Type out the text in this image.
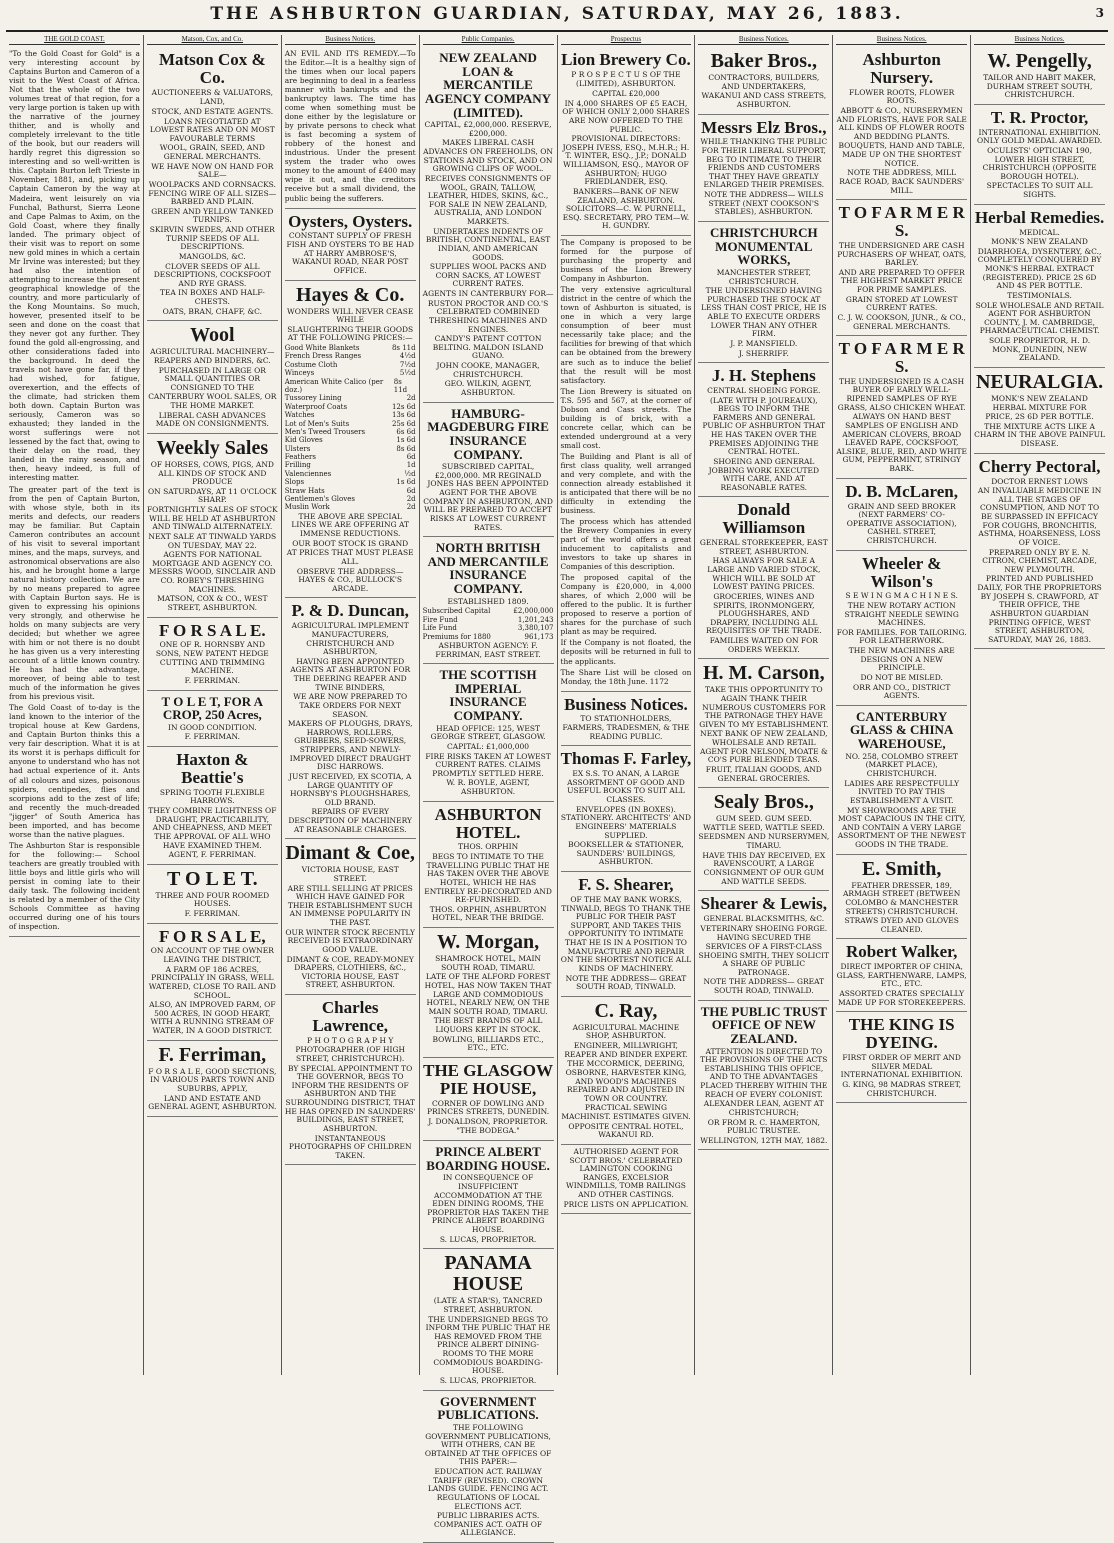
THE ASHBURTON GUARDIAN, SATURDAY, MAY 26, 1883.	3
THE GOLD COAST.

"To the Gold Coast for Gold" is a very interesting account by Captains Burton and Cameron of a visit to the West Coast of Africa. Not that the whole of the two volumes treat of that region, for a very large portion is taken up with the narrative of the journey thither, and is wholly and completely irrelevant to the title of the book, but our readers will hardly regret this digression so interesting and so well-written is this. Captain Burton left Trieste in November, 1881, and, picking up Captain Cameron by the way at Madeira, went leisurely on via Funchal, Bathurst, Sierra Leone and Cape Palmas to Axim, on the Gold Coast, where they finally landed. The primary object of their visit was to report on some new gold mines in which a certain Mr Irvine was interested; but they had also the intention of attempting to increase the present geographical knowledge of the country, and more particularly of the Kong Mountains. So much, however, presented itself to be seen and done on the coast that they never got any further. They found the gold all-engrossing, and other considerations faded into the background. In deed the travels not have gone far, if they had wished, for fatigue, overexertion, and the effects of the climate, had stricken them both down. Captain Burton was seriously, Cameron was so exhausted; they landed in the worst sufferings were not lessened by the fact that, owing to their delay on the road, they landed in the rainy season, and then, heavy indeed, is full of interesting matter.

The greater part of the text is from the pen of Captain Burton, with whose style, both in its merits and defects, our readers may be familiar. But Captain Cameron contributes an account of his visit to several important mines, and the maps, surveys, and astronomical observations are also his, and he brought home a large natural history collection. We are by no means prepared to agree with Captain Burton says. He is given to expressing his opinions very strongly, and otherwise he holds on many subjects are very decided; but whether we agree with him or not there is no doubt he has given us a very interesting account of a little known country. He has had the advantage, moreover, of being able to test much of the information he gives from his previous visit.

The Gold Coast of to-day is the land known to the interior of the tropical house at Kew Gardens, and Captain Burton thinks this a very fair description. What it is at its worst it is perhaps difficult for anyone to understand who has not had actual experience of it. Ants of all colours and sizes, poisonous spiders, centipedes, flies and scorpions add to the zest of life; and recently the much-dreaded "jigger" of South America has been imported, and has become worse than the native plagues.

The Ashburton Star is responsible for the following:— School teachers are greatly troubled with little boys and little girls who will persist in coming late to their daily task. The following incident is related by a member of the City Schools Committee as having occurred during one of his tours of inspection.

Matson, Cox, and Co.
Matson Cox & Co.
AUCTIONEERS & VALUATORS,
LAND,
STOCK, AND ESTATE AGENTS.
LOANS NEGOTIATED AT LOWEST RATES AND ON MOST FAVOURABLE TERMS
WOOL, GRAIN, SEED, AND GENERAL MERCHANTS.
WE HAVE NOW ON HAND FOR SALE—
WOOLPACKS AND CORNSACKS. FENCING WIRE OF ALL SIZES—BARBED AND PLAIN.
GREEN AND YELLOW TANKED TURNIPS.
SKIRVIN SWEDES, AND OTHER TURNIP SEEDS OF ALL DESCRIPTIONS.
MANGOLDS, &C.
CLOVER SEEDS OF ALL DESCRIPTIONS, COCKSFOOT AND RYE GRASS.
TEA IN BOXES AND HALF-CHESTS.
OATS, BRAN, CHAFF, &C.
Wool
AGRICULTURAL MACHINERY— REAPERS AND BINDERS, &C.
PURCHASED IN LARGE OR SMALL QUANTITIES OR CONSIGNED TO THE
CANTERBURY WOOL SALES, OR THE HOME MARKET.
LIBERAL CASH ADVANCES MADE ON CONSIGNMENTS.
Weekly Sales
OF HORSES, COWS, PIGS, AND ALL KINDS OF STOCK AND PRODUCE
ON SATURDAYS, AT 11 O'CLOCK SHARP.
FORTNIGHTLY SALES OF STOCK WILL BE HELD AT ASHBURTON AND TINWALD ALTERNATELY.
NEXT SALE AT TINWALD YARDS ON TUESDAY, MAY 22.
AGENTS FOR NATIONAL MORTGAGE AND AGENCY CO. MESSRS WOOD, SINCLAIR AND CO. ROBEY'S THRESHING MACHINES.
MATSON, COX & CO., WEST STREET, ASHBURTON.
F O R S A L E.
ONE OF R. HORNSBY AND SONS, NEW PATENT HEDGE CUTTING AND TRIMMING MACHINE.
F. FERRIMAN.
T O L E T, FOR A CROP, 250 Acres,
IN GOOD CONDITION.
F. FERRIMAN.
Haxton & Beattie's
SPRING TOOTH FLEXIBLE HARROWS.
THEY COMBINE LIGHTNESS OF DRAUGHT, PRACTICABILITY, AND CHEAPNESS, AND MEET THE APPROVAL OF ALL WHO HAVE EXAMINED THEM.
AGENT, F. FERRIMAN.
T O L E T.
THREE AND FOUR ROOMED HOUSES.
F. FERRIMAN.
F O R S A L E,
ON ACCOUNT OF THE OWNER LEAVING THE DISTRICT,
A FARM OF 186 ACRES, PRINCIPALLY IN GRASS, WELL WATERED, CLOSE TO RAIL AND SCHOOL.
ALSO, AN IMPROVED FARM, OF 500 ACRES, IN GOOD HEART, WITH A RUNNING STREAM OF WATER, IN A GOOD DISTRICT.
F. Ferriman,
F O R S A L E, GOOD SECTIONS, IN VARIOUS PARTS TOWN AND SUBURBS, APPLY,
LAND AND ESTATE AND GENERAL AGENT, ASHBURTON.
Business Notices.

AN EVIL AND ITS REMEDY.—To the Editor.—It is a healthy sign of the times when our local papers are beginning to deal in a fearless manner with bankrupts and the bankruptcy laws. The time has come when something must be done either by the legislature or by private persons to check what is fast becoming a system of robbery of the honest and industrious. Under the present system the trader who owes money to the amount of £400 may wipe it out, and the creditors receive but a small dividend, the public being the sufferers.

Oysters, Oysters.
CONSTANT SUPPLY OF FRESH FISH AND OYSTERS TO BE HAD AT HARRY AMBROSE'S, WAKANUI ROAD, NEAR POST OFFICE.
Hayes & Co.
WONDERS WILL NEVER CEASE WHILE
SLAUGHTERING THEIR GOODS AT THE FOLLOWING PRICES:—
Good White Blankets	8s 11d
French Dress Ranges	4½d
Costume Cloth	7½d
Winceys	5½d
American White Calico (per doz.)
8s 11d
Tussorey Lining	2d
Waterproof Coats	12s 6d
Watches	13s 6d
Lot of Men's Suits	25s 6d
Men's Tweed Trousers	6s 6d
Kid Gloves	1s 6d
Ulsters	8s 6d
Feathers	6d
Frilling	1d
Valenciennes	½d
Slops	1s 6d
Straw Hats	6d
Gentlemen's Gloves	2d
Muslin Work	2d
THE ABOVE ARE SPECIAL LINES WE ARE OFFERING AT IMMENSE REDUCTIONS.
OUR BOOT STOCK IS GRAND
AT PRICES THAT MUST PLEASE ALL.
OBSERVE THE ADDRESS— HAYES & CO., BULLOCK'S ARCADE.
P. & D. Duncan,
AGRICULTURAL IMPLEMENT MANUFACTURERS, CHRISTCHURCH AND ASHBURTON,
HAVING BEEN APPOINTED AGENTS AT ASHBURTON FOR THE DEERING REAPER AND TWINE BINDERS,
WE ARE NOW PREPARED TO TAKE ORDERS FOR NEXT SEASON.
MAKERS OF PLOUGHS, DRAYS, HARROWS, ROLLERS, GRUBBERS, SEED-SOWERS, STRIPPERS, AND NEWLY-IMPROVED DIRECT DRAUGHT DISC HARROWS.
JUST RECEIVED, EX SCOTIA, A LARGE QUANTITY OF HORNSBY'S PLOUGHSHARES, OLD BRAND.
REPAIRS OF EVERY DESCRIPTION OF MACHINERY AT REASONABLE CHARGES.
Dimant & Coe,
VICTORIA HOUSE, EAST STREET.
ARE STILL SELLING AT PRICES WHICH HAVE GAINED FOR THEIR ESTABLISHMENT SUCH AN IMMENSE POPULARITY IN THE PAST.
OUR WINTER STOCK RECENTLY RECEIVED IS EXTRAORDINARY GOOD VALUE.
DIMANT & COE, READY-MONEY DRAPERS, CLOTHIERS, &C., VICTORIA HOUSE, EAST STREET, ASHBURTON.
Charles Lawrence,
P H O T O G R A P H Y
PHOTOGRAPHER (OF HIGH STREET, CHRISTCHURCH).
BY SPECIAL APPOINTMENT TO THE GOVERNOR, BEGS TO INFORM THE RESIDENTS OF ASHBURTON AND THE SURROUNDING DISTRICT, THAT HE HAS OPENED IN SAUNDERS' BUILDINGS, EAST STREET, ASHBURTON.
INSTANTANEOUS PHOTOGRAPHS OF CHILDREN TAKEN.
Public Companies.
NEW ZEALAND LOAN & MERCANTILE AGENCY COMPANY (LIMITED).
CAPITAL, £2,000,000. RESERVE, £200,000.
MAKES LIBERAL CASH ADVANCES ON FREEHOLDS, ON STATIONS AND STOCK, AND ON GROWING CLIPS OF WOOL.
RECEIVES CONSIGNMENTS OF WOOL, GRAIN, TALLOW, LEATHER, HIDES, SKINS, &C., FOR SALE IN NEW ZEALAND, AUSTRALIA, AND LONDON MARKETS.
UNDERTAKES INDENTS OF BRITISH, CONTINENTAL, EAST INDIAN, AND AMERICAN GOODS.
SUPPLIES WOOL PACKS AND CORN SACKS, AT LOWEST CURRENT RATES.
AGENTS IN CANTERBURY FOR—
RUSTON PROCTOR AND CO.'S CELEBRATED COMBINED THRESHING MACHINES AND ENGINES.
CANDY'S PATENT COTTON BELTING. MALDON ISLAND GUANO.
JOHN COOKE, MANAGER, CHRISTCHURCH.
GEO. WILKIN, AGENT, ASHBURTON.
HAMBURG-MAGDEBURG FIRE INSURANCE COMPANY.
SUBSCRIBED CAPITAL, £2,000,000. MR REGINALD JONES HAS BEEN APPOINTED AGENT FOR THE ABOVE COMPANY IN ASHBURTON, AND WILL BE PREPARED TO ACCEPT RISKS AT LOWEST CURRENT RATES.
NORTH BRITISH AND MERCANTILE INSURANCE COMPANY.
ESTABLISHED 1809.
Subscribed Capital	£2,000,000
Fire Fund	1,201,243
Life Fund	3,380,107
Premiums for 1880	961,173
ASHBURTON AGENCY: F. FERRIMAN, EAST STREET.
THE SCOTTISH IMPERIAL INSURANCE COMPANY.
HEAD OFFICE: 125, WEST GEORGE STREET, GLASGOW.
CAPITAL: £1,000,000
FIRE RISKS TAKEN AT LOWEST CURRENT RATES. CLAIMS PROMPTLY SETTLED HERE.
W. R. BOYLE, AGENT, ASHBURTON.
ASHBURTON HOTEL.
THOS. ORPHIN
BEGS TO INTIMATE TO THE TRAVELLING PUBLIC THAT HE HAS TAKEN OVER THE ABOVE HOTEL, WHICH HE HAS ENTIRELY RE-DECORATED AND RE-FURNISHED.
THOS. ORPHIN, ASHBURTON HOTEL, NEAR THE BRIDGE.
W. Morgan,
SHAMROCK HOTEL, MAIN SOUTH ROAD, TIMARU.
LATE OF THE ALFORD FOREST HOTEL, HAS NOW TAKEN THAT LARGE AND COMMODIOUS HOTEL, NEARLY NEW, ON THE MAIN SOUTH ROAD, TIMARU.
THE BEST BRANDS OF ALL LIQUORS KEPT IN STOCK.
BOWLING, BILLIARDS ETC., ETC., ETC.
THE GLASGOW PIE HOUSE,
CORNER OF DOWLING AND PRINCES STREETS, DUNEDIN.
J. DONALDSON, PROPRIETOR.
"THE BODEGA."
PRINCE ALBERT BOARDING HOUSE.
IN CONSEQUENCE OF INSUFFICIENT ACCOMMODATION AT THE EDEN DINING ROOMS, THE PROPRIETOR HAS TAKEN THE PRINCE ALBERT BOARDING HOUSE.
S. LUCAS, PROPRIETOR.
PANAMA HOUSE
(LATE A STAR'S), TANCRED STREET, ASHBURTON.
THE UNDERSIGNED BEGS TO INFORM THE PUBLIC THAT HE HAS REMOVED FROM THE PRINCE ALBERT DINING-ROOMS TO THE MORE COMMODIOUS BOARDING-HOUSE.
S. LUCAS, PROPRIETOR.
GOVERNMENT PUBLICATIONS.
THE FOLLOWING GOVERNMENT PUBLICATIONS, WITH OTHERS, CAN BE OBTAINED AT THE OFFICES OF THIS PAPER:—
EDUCATION ACT. RAILWAY TARIFF (REVISED). CROWN LANDS GUIDE. FENCING ACT. REGULATIONS OF LOCAL ELECTIONS ACT.
PUBLIC LIBRARIES ACTS. COMPANIES ACT. OATH OF ALLEGIANCE.
Prospectus
Lion Brewery Co.
P R O S P E C T U S OF THE
(LIMITED), ASHBURTON.
CAPITAL £20,000
IN 4,000 SHARES OF £5 EACH, OF WHICH ONLY 2,000 SHARES ARE NOW OFFERED TO THE PUBLIC.
PROVISIONAL DIRECTORS: JOSEPH IVESS, ESQ., M.H.R.; H. T. WINTER, ESQ., J.P.; DONALD WILLIAMSON, ESQ., MAYOR OF ASHBURTON; HUGO FRIEDLANDER, ESQ.
BANKERS—BANK OF NEW ZEALAND, ASHBURTON. SOLICITORS—C. W. PURNELL, ESQ. SECRETARY, PRO TEM—W. H. GUNDRY.

The Company is proposed to be formed for the purpose of purchasing the property and business of the Lion Brewery Company in Ashburton.

The very extensive agricultural district in the centre of which the town of Ashburton is situated, is one in which a very large consumption of beer must necessarily take place; and the facilities for brewing of that which can be obtained from the brewery are such as to induce the belief that the result will be most satisfactory.

The Lion Brewery is situated on T.S. 595 and 567, at the corner of Dobson and Cass streets. The building is of brick, with a concrete cellar, which can be extended underground at a very small cost.

The Building and Plant is all of first class quality, well arranged and very complete, and with the connection already established it is anticipated that there will be no difficulty in extending the business.

The process which has attended the Brewery Companies in every part of the world offers a great inducement to capitalists and investors to take up shares in Companies of this description.

The proposed capital of the Company is £20,000, in 4,000 shares, of which 2,000 will be offered to the public. It is further proposed to reserve a portion of shares for the purchase of such plant as may be required.

If the Company is not floated, the deposits will be returned in full to the applicants.

The Share List will be closed on Monday, the 18th June. 1172

Business Notices.
TO STATIONHOLDERS, FARMERS, TRADESMEN, & THE READING PUBLIC.
Thomas F. Farley,
EX S.S. TO ANAN, A LARGE ASSORTMENT OF GOOD AND USEFUL BOOKS TO SUIT ALL CLASSES.
ENVELOPES (IN BOXES). STATIONERY. ARCHITECTS' AND ENGINEERS' MATERIALS SUPPLIED.
BOOKSELLER & STATIONER, SAUNDERS' BUILDINGS, ASHBURTON.
F. S. Shearer,
OF THE MAY BANK WORKS, TINWALD, BEGS TO THANK THE PUBLIC FOR THEIR PAST SUPPORT, AND TAKES THIS OPPORTUNITY TO INTIMATE THAT HE IS IN A POSITION TO MANUFACTURE AND REPAIR ON THE SHORTEST NOTICE ALL KINDS OF MACHINERY.
NOTE THE ADDRESS— GREAT SOUTH ROAD, TINWALD.
C. Ray,
AGRICULTURAL MACHINE SHOP, ASHBURTON.
ENGINEER, MILLWRIGHT, REAPER AND BINDER EXPERT.
THE MCCORMICK, DEERING, OSBORNE, HARVESTER KING, AND WOOD'S MACHINES REPAIRED AND ADJUSTED IN TOWN OR COUNTRY.
PRACTICAL SEWING MACHINIST. ESTIMATES GIVEN.
OPPOSITE CENTRAL HOTEL, WAKANUI RD.
AUTHORISED AGENT FOR SCOTT BROS.' CELEBRATED LAMINGTON COOKING RANGES, EXCELSIOR WINDMILLS, TOMB RAILINGS AND OTHER CASTINGS.
PRICE LISTS ON APPLICATION.
Business Notices.
Baker Bros.,
CONTRACTORS, BUILDERS, AND UNDERTAKERS,
WAKANUI AND CASS STREETS, ASHBURTON.
Messrs Elz Bros.,
WHILE THANKING THE PUBLIC FOR THEIR LIBERAL SUPPORT, BEG TO INTIMATE TO THEIR FRIENDS AND CUSTOMERS THAT THEY HAVE GREATLY ENLARGED THEIR PREMISES.
NOTE THE ADDRESS— WILLS STREET (NEXT COOKSON'S STABLES), ASHBURTON.
CHRISTCHURCH MONUMENTAL WORKS,
MANCHESTER STREET, CHRISTCHURCH.
THE UNDERSIGNED HAVING PURCHASED THE STOCK AT LESS THAN COST PRICE, HE IS ABLE TO EXECUTE ORDERS LOWER THAN ANY OTHER FIRM.
J. P. MANSFIELD.
J. SHERRIFF.
J. H. Stephens
CENTRAL SHOEING FORGE.
(LATE WITH P. JOUREAUX), BEGS TO INFORM THE FARMERS AND GENERAL PUBLIC OF ASHBURTON THAT HE HAS TAKEN OVER THE PREMISES ADJOINING THE CENTRAL HOTEL.
SHOEING AND GENERAL JOBBING WORK EXECUTED WITH CARE, AND AT REASONABLE RATES.
Donald Williamson
GENERAL STOREKEEPER, EAST STREET, ASHBURTON.
HAS ALWAYS FOR SALE A LARGE AND VARIED STOCK, WHICH WILL BE SOLD AT LOWEST PAYING PRICES.
GROCERIES, WINES AND SPIRITS, IRONMONGERY, PLOUGHSHARES, AND DRAPERY, INCLUDING ALL REQUISITES OF THE TRADE.
FAMILIES WAITED ON FOR ORDERS WEEKLY.
H. M. Carson,
TAKE THIS OPPORTUNITY TO AGAIN THANK THEIR NUMEROUS CUSTOMERS FOR THE PATRONAGE THEY HAVE GIVEN TO MY ESTABLISHMENT.
NEXT BANK OF NEW ZEALAND, WHOLESALE AND RETAIL AGENT FOR NELSON, MOATE & CO'S PURE BLENDED TEAS.
FRUIT, ITALIAN GOODS, AND GENERAL GROCERIES.
Sealy Bros.,
GUM SEED. GUM SEED. WATTLE SEED, WATTLE SEED.
SEEDSMEN AND NURSERYMEN, TIMARU.
HAVE THIS DAY RECEIVED, EX RAVENSCOURT, A LARGE CONSIGNMENT OF OUR GUM AND WATTLE SEEDS.
Shearer & Lewis,
GENERAL BLACKSMITHS, &C.
VETERINARY SHOEING FORGE.
HAVING SECURED THE SERVICES OF A FIRST-CLASS SHOEING SMITH, THEY SOLICIT A SHARE OF PUBLIC PATRONAGE.
NOTE THE ADDRESS— GREAT SOUTH ROAD, TINWALD.
THE PUBLIC TRUST OFFICE OF NEW ZEALAND.
ATTENTION IS DIRECTED TO THE PROVISIONS OF THE ACTS ESTABLISHING THIS OFFICE, AND TO THE ADVANTAGES PLACED THEREBY WITHIN THE REACH OF EVERY COLONIST.
ALEXANDER LEAN, AGENT AT CHRISTCHURCH;
OR FROM R. C. HAMERTON, PUBLIC TRUSTEE.
WELLINGTON, 12TH MAY, 1882.
Business Notices.
Ashburton Nursery.
FLOWER ROOTS, FLOWER ROOTS.
ABBOTT & CO., NURSERYMEN AND FLORISTS, HAVE FOR SALE ALL KINDS OF FLOWER ROOTS AND BEDDING PLANTS.
BOUQUETS, HAND AND TABLE, MADE UP ON THE SHORTEST NOTICE.
NOTE THE ADDRESS, MILL RACE ROAD, BACK SAUNDERS' MILL.
T O F A R M E R S.
THE UNDERSIGNED ARE CASH PURCHASERS OF WHEAT, OATS, BARLEY.
AND ARE PREPARED TO OFFER THE HIGHEST MARKET PRICE FOR PRIME SAMPLES.
GRAIN STORED AT LOWEST CURRENT RATES.
C. J. W. COOKSON, JUNR., & CO., GENERAL MERCHANTS.
T O F A R M E R S.
THE UNDERSIGNED IS A CASH BUYER OF EARLY WELL-RIPENED SAMPLES OF RYE GRASS, ALSO CHICKEN WHEAT.
ALWAYS ON HAND BEST SAMPLES OF ENGLISH AND AMERICAN CLOVERS, BROAD LEAVED RAPE, COCKSFOOT, ALSIKE, BLUE, RED, AND WHITE GUM, PEPPERMINT, STRINGY BARK.
D. B. McLaren,
GRAIN AND SEED BROKER (NEXT FARMERS' CO-OPERATIVE ASSOCIATION), CASHEL STREET, CHRISTCHURCH.
Wheeler & Wilson's
S E W I N G M A C H I N E S.
THE NEW ROTARY ACTION STRAIGHT NEEDLE SEWING MACHINES.
FOR FAMILIES. FOR TAILORING. FOR LEATHERWORK.
THE NEW MACHINES ARE DESIGNS ON A NEW PRINCIPLE.
DO NOT BE MISLED.
ORR AND CO., DISTRICT AGENTS.
CANTERBURY GLASS & CHINA WAREHOUSE,
NO. 258, COLOMBO STREET (MARKET PLACE), CHRISTCHURCH.
LADIES ARE RESPECTFULLY INVITED TO PAY THIS ESTABLISHMENT A VISIT.
MY SHOWROOMS ARE THE MOST CAPACIOUS IN THE CITY, AND CONTAIN A VERY LARGE ASSORTMENT OF THE NEWEST GOODS IN THE TRADE.
E. Smith,
FEATHER DRESSER, 189, ARMAGH STREET (BETWEEN COLOMBO & MANCHESTER STREETS) CHRISTCHURCH.
STRAWS DYED AND GLOVES CLEANED.
Robert Walker,
DIRECT IMPORTER OF CHINA, GLASS, EARTHENWARE, LAMPS, ETC., ETC.
ASSORTED CRATES SPECIALLY MADE UP FOR STOREKEEPERS.
THE KING IS DYEING.
FIRST ORDER OF MERIT AND SILVER MEDAL INTERNATIONAL EXHIBITION.
G. KING, 98 MADRAS STREET, CHRISTCHURCH.
Business Notices.
W. Pengelly,
TAILOR AND HABIT MAKER, DURHAM STREET SOUTH, CHRISTCHURCH.
T. R. Proctor,
INTERNATIONAL EXHIBITION. ONLY GOLD MEDAL AWARDED.
OCULISTS' OPTICIAN 190, LOWER HIGH STREET, CHRISTCHURCH (OPPOSITE BOROUGH HOTEL).
SPECTACLES TO SUIT ALL SIGHTS.
Herbal Remedies.
MEDICAL.
MONK'S NEW ZEALAND
DIARRHOEA, DYSENTERY, &C., COMPLETELY CONQUERED BY MONK'S HERBAL EXTRACT (REGISTERED). PRICE 2S 6D AND 4S PER BOTTLE.
TESTIMONIALS.
SOLE WHOLESALE AND RETAIL AGENT FOR ASHBURTON COUNTY, J. M. CAMBRIDGE, PHARMACEUTICAL CHEMIST.
SOLE PROPRIETOR, H. D. MONK, DUNEDIN, NEW ZEALAND.
NEURALGIA.
MONK'S NEW ZEALAND HERBAL MIXTURE FOR
PRICE, 2S 6D PER BOTTLE.
THE MIXTURE ACTS LIKE A CHARM IN THE ABOVE PAINFUL DISEASE.
Cherry Pectoral,
DOCTOR ERNEST LOWS
AN INVALUABLE MEDICINE IN ALL THE STAGES OF CONSUMPTION, AND NOT TO BE SURPASSED IN EFFICACY FOR COUGHS, BRONCHITIS, ASTHMA, HOARSENESS, LOSS OF VOICE.
PREPARED ONLY BY E. N. CITRON, CHEMIST, ARCADE, NEW PLYMOUTH.
PRINTED AND PUBLISHED DAILY, FOR THE PROPRIETORS BY JOSEPH S. CRAWFORD, AT THEIR OFFICE, THE ASHBURTON GUARDIAN PRINTING OFFICE, WEST STREET, ASHBURTON, SATURDAY, MAY 26, 1883.
